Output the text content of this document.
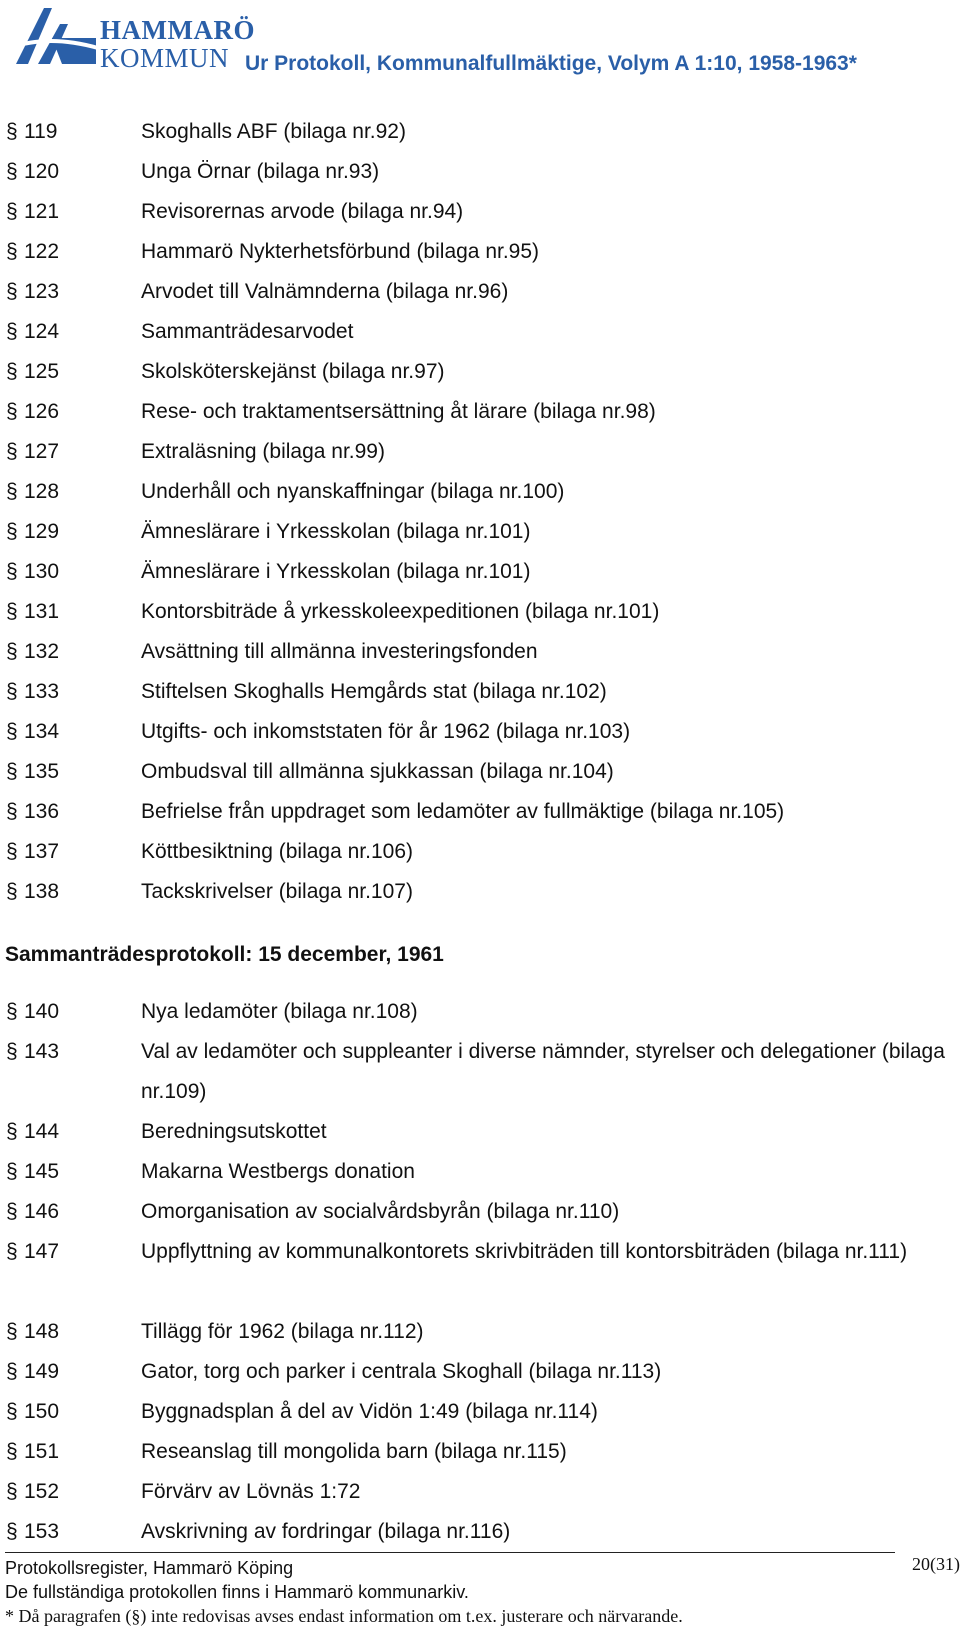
HAMMARÖ
KOMMUN Ur Protokoll, Kommunalfullmäktige, Volym A 1:10, 1958-1963*
§ 119	Skoghalls ABF (bilaga nr.92)
§ 120	Unga Örnar (bilaga nr.93)
§ 121	Revisorernas arvode (bilaga nr.94)
§ 122	Hammarö Nykterhetsförbund (bilaga nr.95)
§ 123	Arvodet till Valnämnderna (bilaga nr.96)
§ 124	Sammanträdesarvodet
§ 125	Skolsköterskejänst (bilaga nr.97)
§ 126	Rese- och traktamentsersättning åt lärare (bilaga nr.98)
§ 127	Extraläsning (bilaga nr.99)
§ 128	Underhåll och nyanskaffningar (bilaga nr.100)
§ 129	Ämneslärare i Yrkesskolan (bilaga nr.101)
§ 130	Ämneslärare i Yrkesskolan (bilaga nr.101)
§ 131	Kontorsbiträde å yrkesskoleexpeditionen (bilaga nr.101)
§ 132	Avsättning till allmänna investeringsfonden
§ 133	Stiftelsen Skoghalls Hemgårds stat (bilaga nr.102)
§ 134	Utgifts- och inkomststaten för år 1962 (bilaga nr.103)
§ 135	Ombudsval till allmänna sjukkassan (bilaga nr.104)
§ 136	Befrielse från uppdraget som ledamöter av fullmäktige (bilaga nr.105)
§ 137	Köttbesiktning (bilaga nr.106)
§ 138	Tackskrivelser (bilaga nr.107)
Sammanträdesprotokoll: 15 december, 1961
§ 140	Nya ledamöter (bilaga nr.108)
§ 143	Val av ledamöter och suppleanter i diverse nämnder, styrelser och delegationer (bilaga nr.109)
§ 144	Beredningsutskottet
§ 145	Makarna Westbergs donation
§ 146	Omorganisation av socialvårdsbyrån (bilaga nr.110)
§ 147	Uppflyttning av kommunalkontorets skrivbiträden till kontorsbiträden (bilaga nr.111)
§ 148	Tillägg för 1962 (bilaga nr.112)
§ 149	Gator, torg och parker i centrala Skoghall (bilaga nr.113)
§ 150	Byggnadsplan å del av Vidön 1:49 (bilaga nr.114)
§ 151	Reseanslag till mongolida barn (bilaga nr.115)
§ 152	Förvärv av Lövnäs 1:72
§ 153	Avskrivning av fordringar (bilaga nr.116)
Protokollsregister, Hammarö Köping
De fullständiga protokollen finns i Hammarö kommunarkiv.
* Då paragrafen (§) inte redovisas avses endast information om t.ex. justerare och närvarande.
20(31)
